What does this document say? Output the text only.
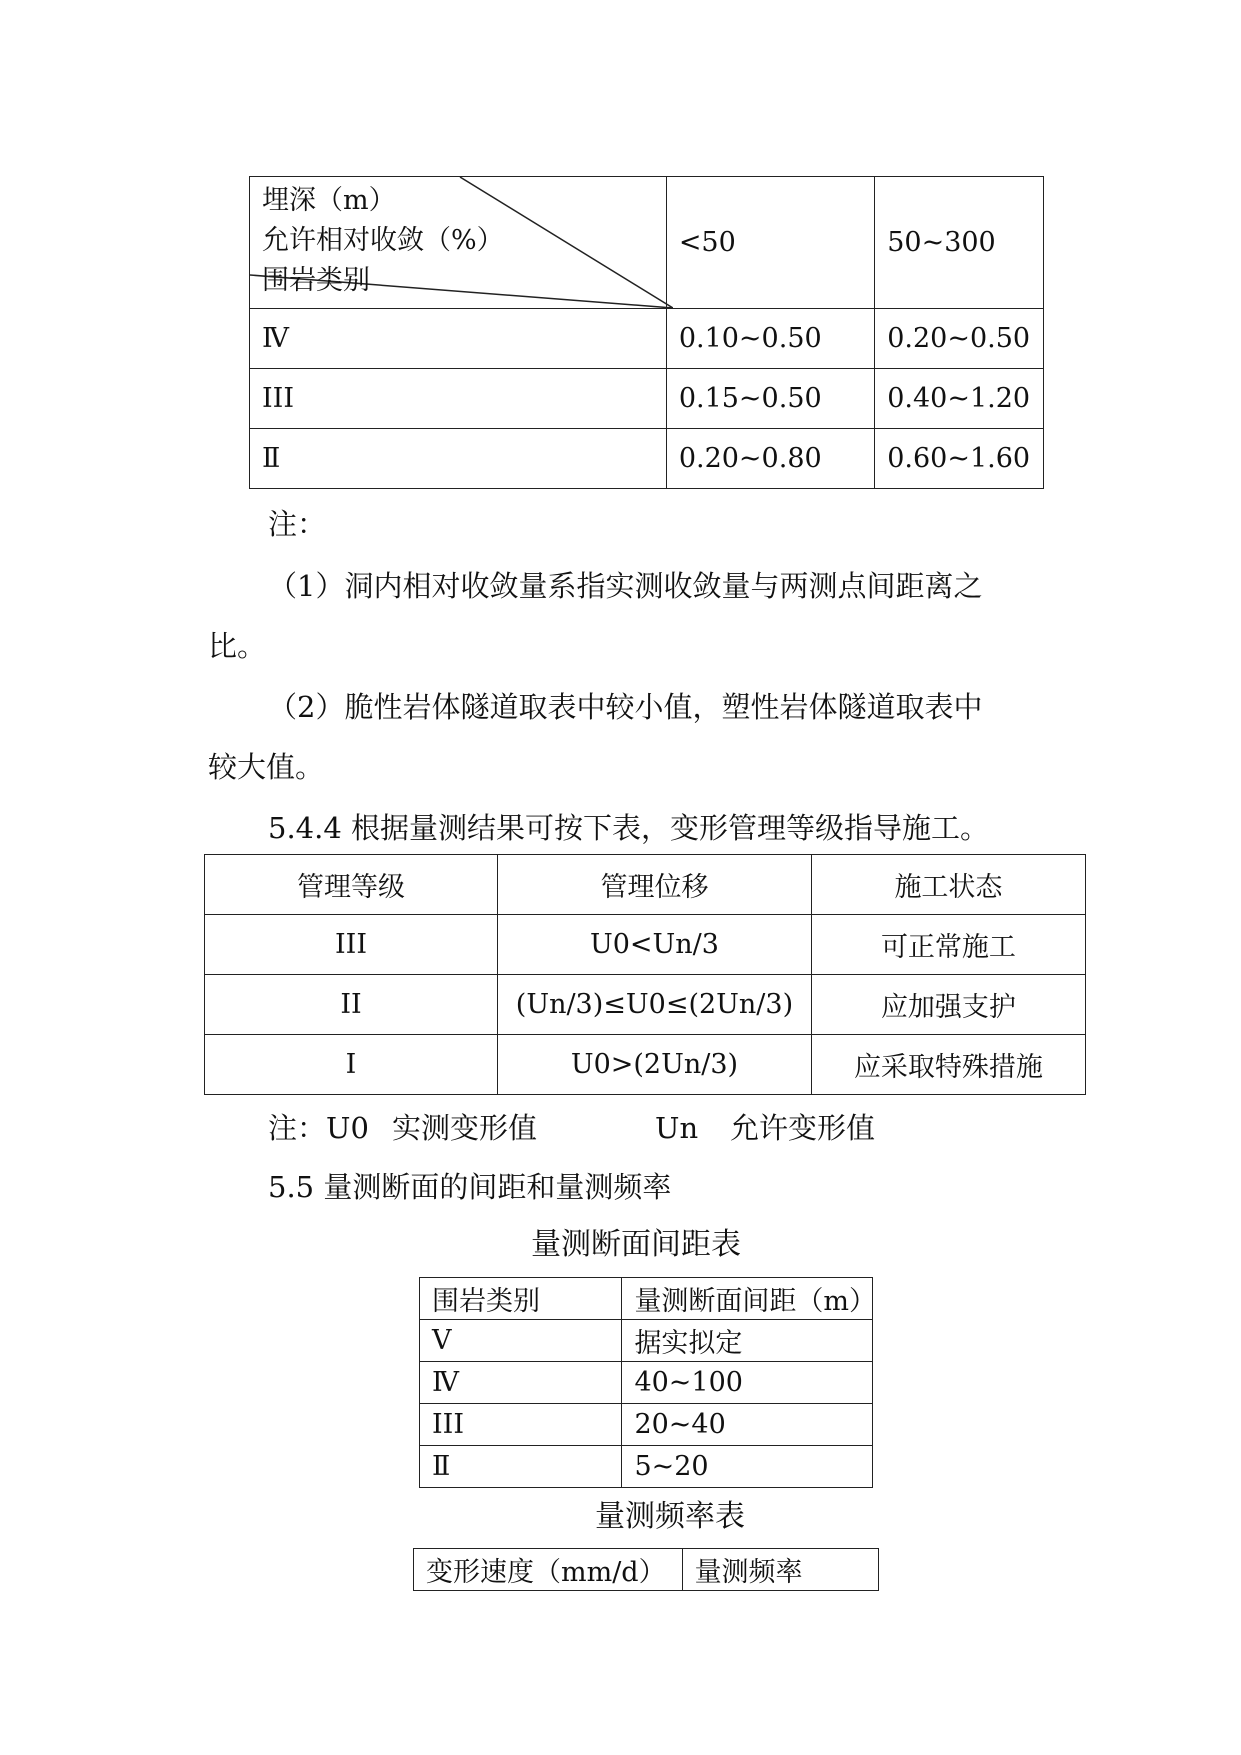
埋深（m）
允许相对收敛（%）
围岩类别	<50	50~300
Ⅳ	0.10~0.50	0.20~0.50
III	0.15~0.50	0.40~1.20
Ⅱ	0.20~0.80	0.60~1.60

注：

（1）洞内相对收敛量系指实测收敛量与两测点间距离之

比。

（2）脆性岩体隧道取表中较小值，塑性岩体隧道取表中

较大值。

5.4.4 根据量测结果可按下表，变形管理等级指导施工。

管理等级	管理位移	施工状态
III	U0<Un/3	可正常施工
II	(Un/3)≤U0≤(2Un/3)	应加强支护
Ⅰ	U0>(2Un/3)	应采取特殊措施

注：U0 实测变形值	Un 允许变形值

5.5 量测断面的间距和量测频率

量测断面间距表
围岩类别	量测断面间距（m）
Ⅴ	据实拟定
Ⅳ	40~100
III	20~40
Ⅱ	5~20
量测频率表
变形速度（mm/d）	量测频率
